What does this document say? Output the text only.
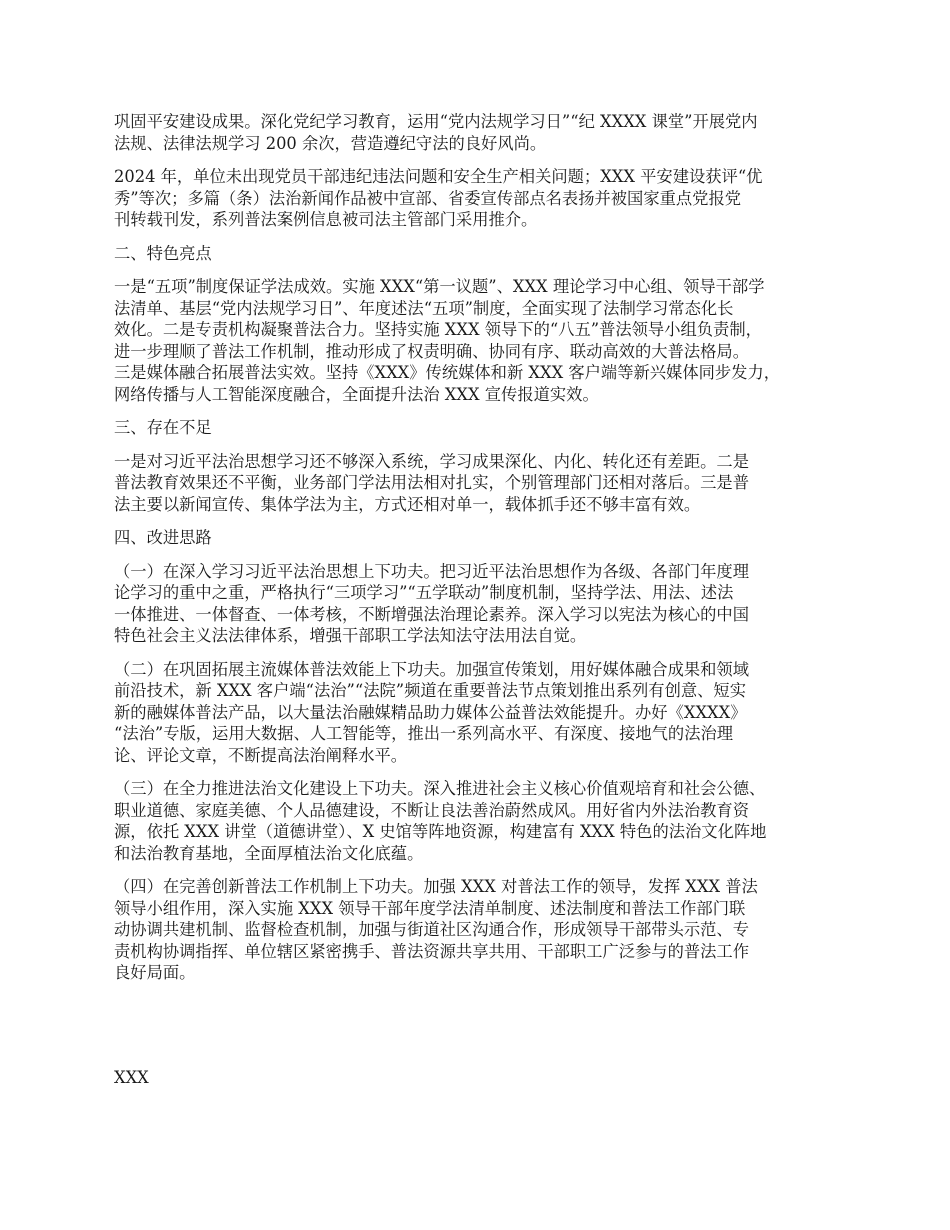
巩固平安建设成果。深化党纪学习教育，运用“党内法规学习日”“纪 XXXX 课堂”开展党内
法规、法律法规学习 200 余次，营造遵纪守法的良好风尚。
2024 年，单位未出现党员干部违纪违法问题和安全生产相关问题；XXX 平安建设获评“优
秀”等次；多篇（条）法治新闻作品被中宣部、省委宣传部点名表扬并被国家重点党报党
刊转载刊发，系列普法案例信息被司法主管部门采用推介。
二、特色亮点
一是“五项”制度保证学法成效。实施 XXX“第一议题”、XXX 理论学习中心组、领导干部学
法清单、基层“党内法规学习日”、年度述法“五项”制度，全面实现了法制学习常态化长
效化。二是专责机构凝聚普法合力。坚持实施 XXX 领导下的“八五”普法领导小组负责制，
进一步理顺了普法工作机制，推动形成了权责明确、协同有序、联动高效的大普法格局。
三是媒体融合拓展普法实效。坚持《XXX》传统媒体和新 XXX 客户端等新兴媒体同步发力，
网络传播与人工智能深度融合，全面提升法治 XXX 宣传报道实效。
三、存在不足
一是对习近平法治思想学习还不够深入系统，学习成果深化、内化、转化还有差距。二是
普法教育效果还不平衡，业务部门学法用法相对扎实，个别管理部门还相对落后。三是普
法主要以新闻宣传、集体学法为主，方式还相对单一，载体抓手还不够丰富有效。
四、改进思路
（一）在深入学习习近平法治思想上下功夫。把习近平法治思想作为各级、各部门年度理
论学习的重中之重，严格执行“三项学习”“五学联动”制度机制，坚持学法、用法、述法
一体推进、一体督查、一体考核，不断增强法治理论素养。深入学习以宪法为核心的中国
特色社会主义法法律体系，增强干部职工学法知法守法用法自觉。
（二）在巩固拓展主流媒体普法效能上下功夫。加强宣传策划，用好媒体融合成果和领域
前沿技术，新 XXX 客户端“法治”“法院”频道在重要普法节点策划推出系列有创意、短实
新的融媒体普法产品，以大量法治融媒精品助力媒体公益普法效能提升。办好《XXXX》
“法治”专版，运用大数据、人工智能等，推出一系列高水平、有深度、接地气的法治理
论、评论文章，不断提高法治阐释水平。
（三）在全力推进法治文化建设上下功夫。深入推进社会主义核心价值观培育和社会公德、
职业道德、家庭美德、个人品德建设，不断让良法善治蔚然成风。用好省内外法治教育资
源，依托 XXX 讲堂（道德讲堂）、X 史馆等阵地资源，构建富有 XXX 特色的法治文化阵地
和法治教育基地，全面厚植法治文化底蕴。
（四）在完善创新普法工作机制上下功夫。加强 XXX 对普法工作的领导，发挥 XXX 普法
领导小组作用，深入实施 XXX 领导干部年度学法清单制度、述法制度和普法工作部门联
动协调共建机制、监督检查机制，加强与街道社区沟通合作，形成领导干部带头示范、专
责机构协调指挥、单位辖区紧密携手、普法资源共享共用、干部职工广泛参与的普法工作
良好局面。
XXX
